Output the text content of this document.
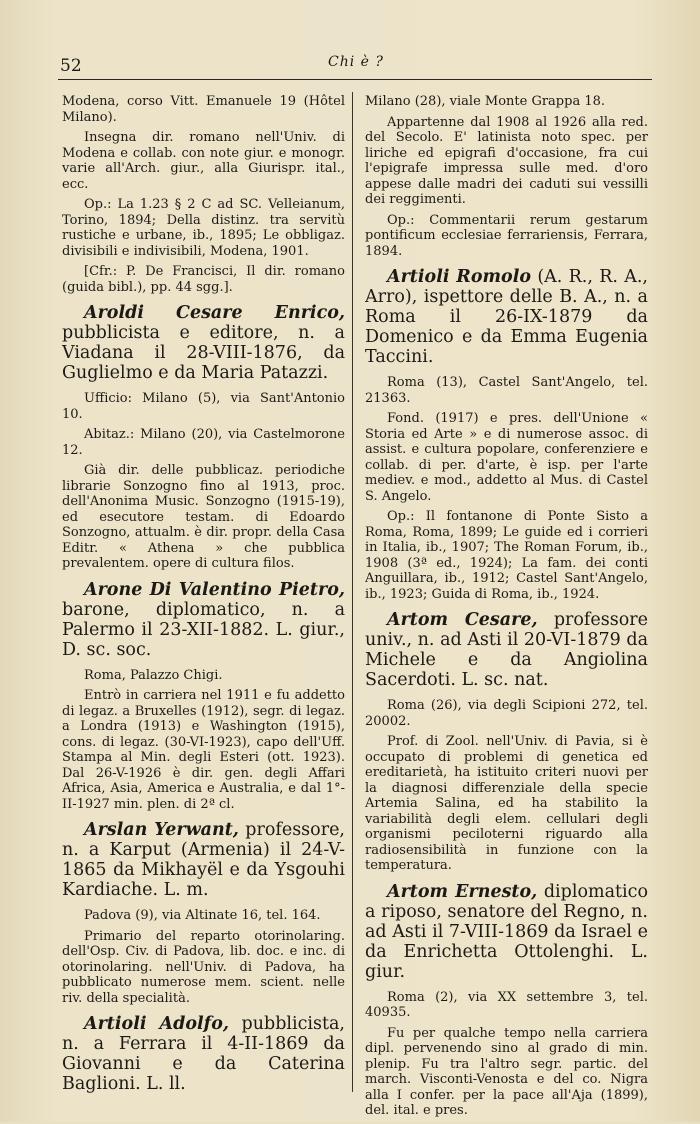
52	Chi è ?

Modena, corso Vitt. Emanuele 19 (Hôtel Milano).

Insegna dir. romano nell'Univ. di Modena e collab. con note giur. e monogr. varie all'Arch. giur., alla Giurispr. ital., ecc.

Op.: La 1.23 § 2 C ad SC. Velleianum, Torino, 1894; Della distinz. tra servitù rustiche e urbane, ib., 1895; Le obbligaz. divisibili e indivisibili, Modena, 1901.

[Cfr.: P. De Francisci, Il dir. romano (guida bibl.), pp. 44 sgg.].

Aroldi Cesare Enrico, pubblicista e editore, n. a Viadana il 28-VIII-1876, da Guglielmo e da Maria Patazzi.

Ufficio: Milano (5), via Sant'Antonio 10.

Abitaz.: Milano (20), via Castelmorone 12.

Già dir. delle pubblicaz. periodiche librarie Sonzogno fino al 1913, proc. dell'Anonima Music. Sonzogno (1915-19), ed esecutore testam. di Edoardo Sonzogno, attualm. è dir. propr. della Casa Editr. « Athena » che pubblica prevalentem. opere di cultura filos.

Arone Di Valentino Pietro, barone, diplomatico, n. a Palermo il 23-XII-1882. L. giur., D. sc. soc.

Roma, Palazzo Chigi.

Entrò in carriera nel 1911 e fu addetto di legaz. a Bruxelles (1912), segr. di legaz. a Londra (1913) e Washington (1915), cons. di legaz. (30-VI-1923), capo dell'Uff. Stampa al Min. degli Esteri (ott. 1923). Dal 26-V-1926 è dir. gen. degli Affari Africa, Asia, America e Australia, e dal 1°-II-1927 min. plen. di 2ª cl.

Arslan Yerwant, professore, n. a Karput (Armenia) il 24-V-1865 da Mikhayël e da Ysgouhi Kardiache. L. m.

Padova (9), via Altinate 16, tel. 164.

Primario del reparto otorinolaring. dell'Osp. Civ. di Padova, lib. doc. e inc. di otorinolaring. nell'Univ. di Padova, ha pubblicato numerose mem. scient. nelle riv. della specialità.

Artioli Adolfo, pubblicista, n. a Ferrara il 4-II-1869 da Giovanni e da Caterina Baglioni. L. ll.

Milano (28), viale Monte Grappa 18.

Appartenne dal 1908 al 1926 alla red. del Secolo. E' latinista noto spec. per liriche ed epigrafi d'occasione, fra cui l'epigrafe impressa sulle med. d'oro appese dalle madri dei caduti sui vessilli dei reggimenti.

Op.: Commentarii rerum gestarum pontificum ecclesiae ferrariensis, Ferrara, 1894.

Artioli Romolo (A. R., R. A., Arro), ispettore delle B. A., n. a Roma il 26-IX-1879 da Domenico e da Emma Eugenia Taccini.

Roma (13), Castel Sant'Angelo, tel. 21363.

Fond. (1917) e pres. dell'Unione « Storia ed Arte » e di numerose assoc. di assist. e cultura popolare, conferenziere e collab. di per. d'arte, è isp. per l'arte mediev. e mod., addetto al Mus. di Castel S. Angelo.

Op.: Il fontanone di Ponte Sisto a Roma, Roma, 1899; Le guide ed i corrieri in Italia, ib., 1907; The Roman Forum, ib., 1908 (3ª ed., 1924); La fam. dei conti Anguillara, ib., 1912; Castel Sant'Angelo, ib., 1923; Guida di Roma, ib., 1924.

Artom Cesare, professore univ., n. ad Asti il 20-VI-1879 da Michele e da Angiolina Sacerdoti. L. sc. nat.

Roma (26), via degli Scipioni 272, tel. 20002.

Prof. di Zool. nell'Univ. di Pavia, si è occupato di problemi di genetica ed ereditarietà, ha istituito criteri nuovi per la diagnosi differenziale della specie Artemia Salina, ed ha stabilito la variabilità degli elem. cellulari degli organismi peciloterni riguardo alla radiosensibilità in funzione con la temperatura.

Artom Ernesto, diplomatico a riposo, senatore del Regno, n. ad Asti il 7-VIII-1869 da Israel e da Enrichetta Ottolenghi. L. giur.

Roma (2), via XX settembre 3, tel. 40935.

Fu per qualche tempo nella carriera dipl. pervenendo sino al grado di min. plenip. Fu tra l'altro segr. partic. del march. Visconti-Venosta e del co. Nigra alla I confer. per la pace all'Aja (1899), del. ital. e pres.
